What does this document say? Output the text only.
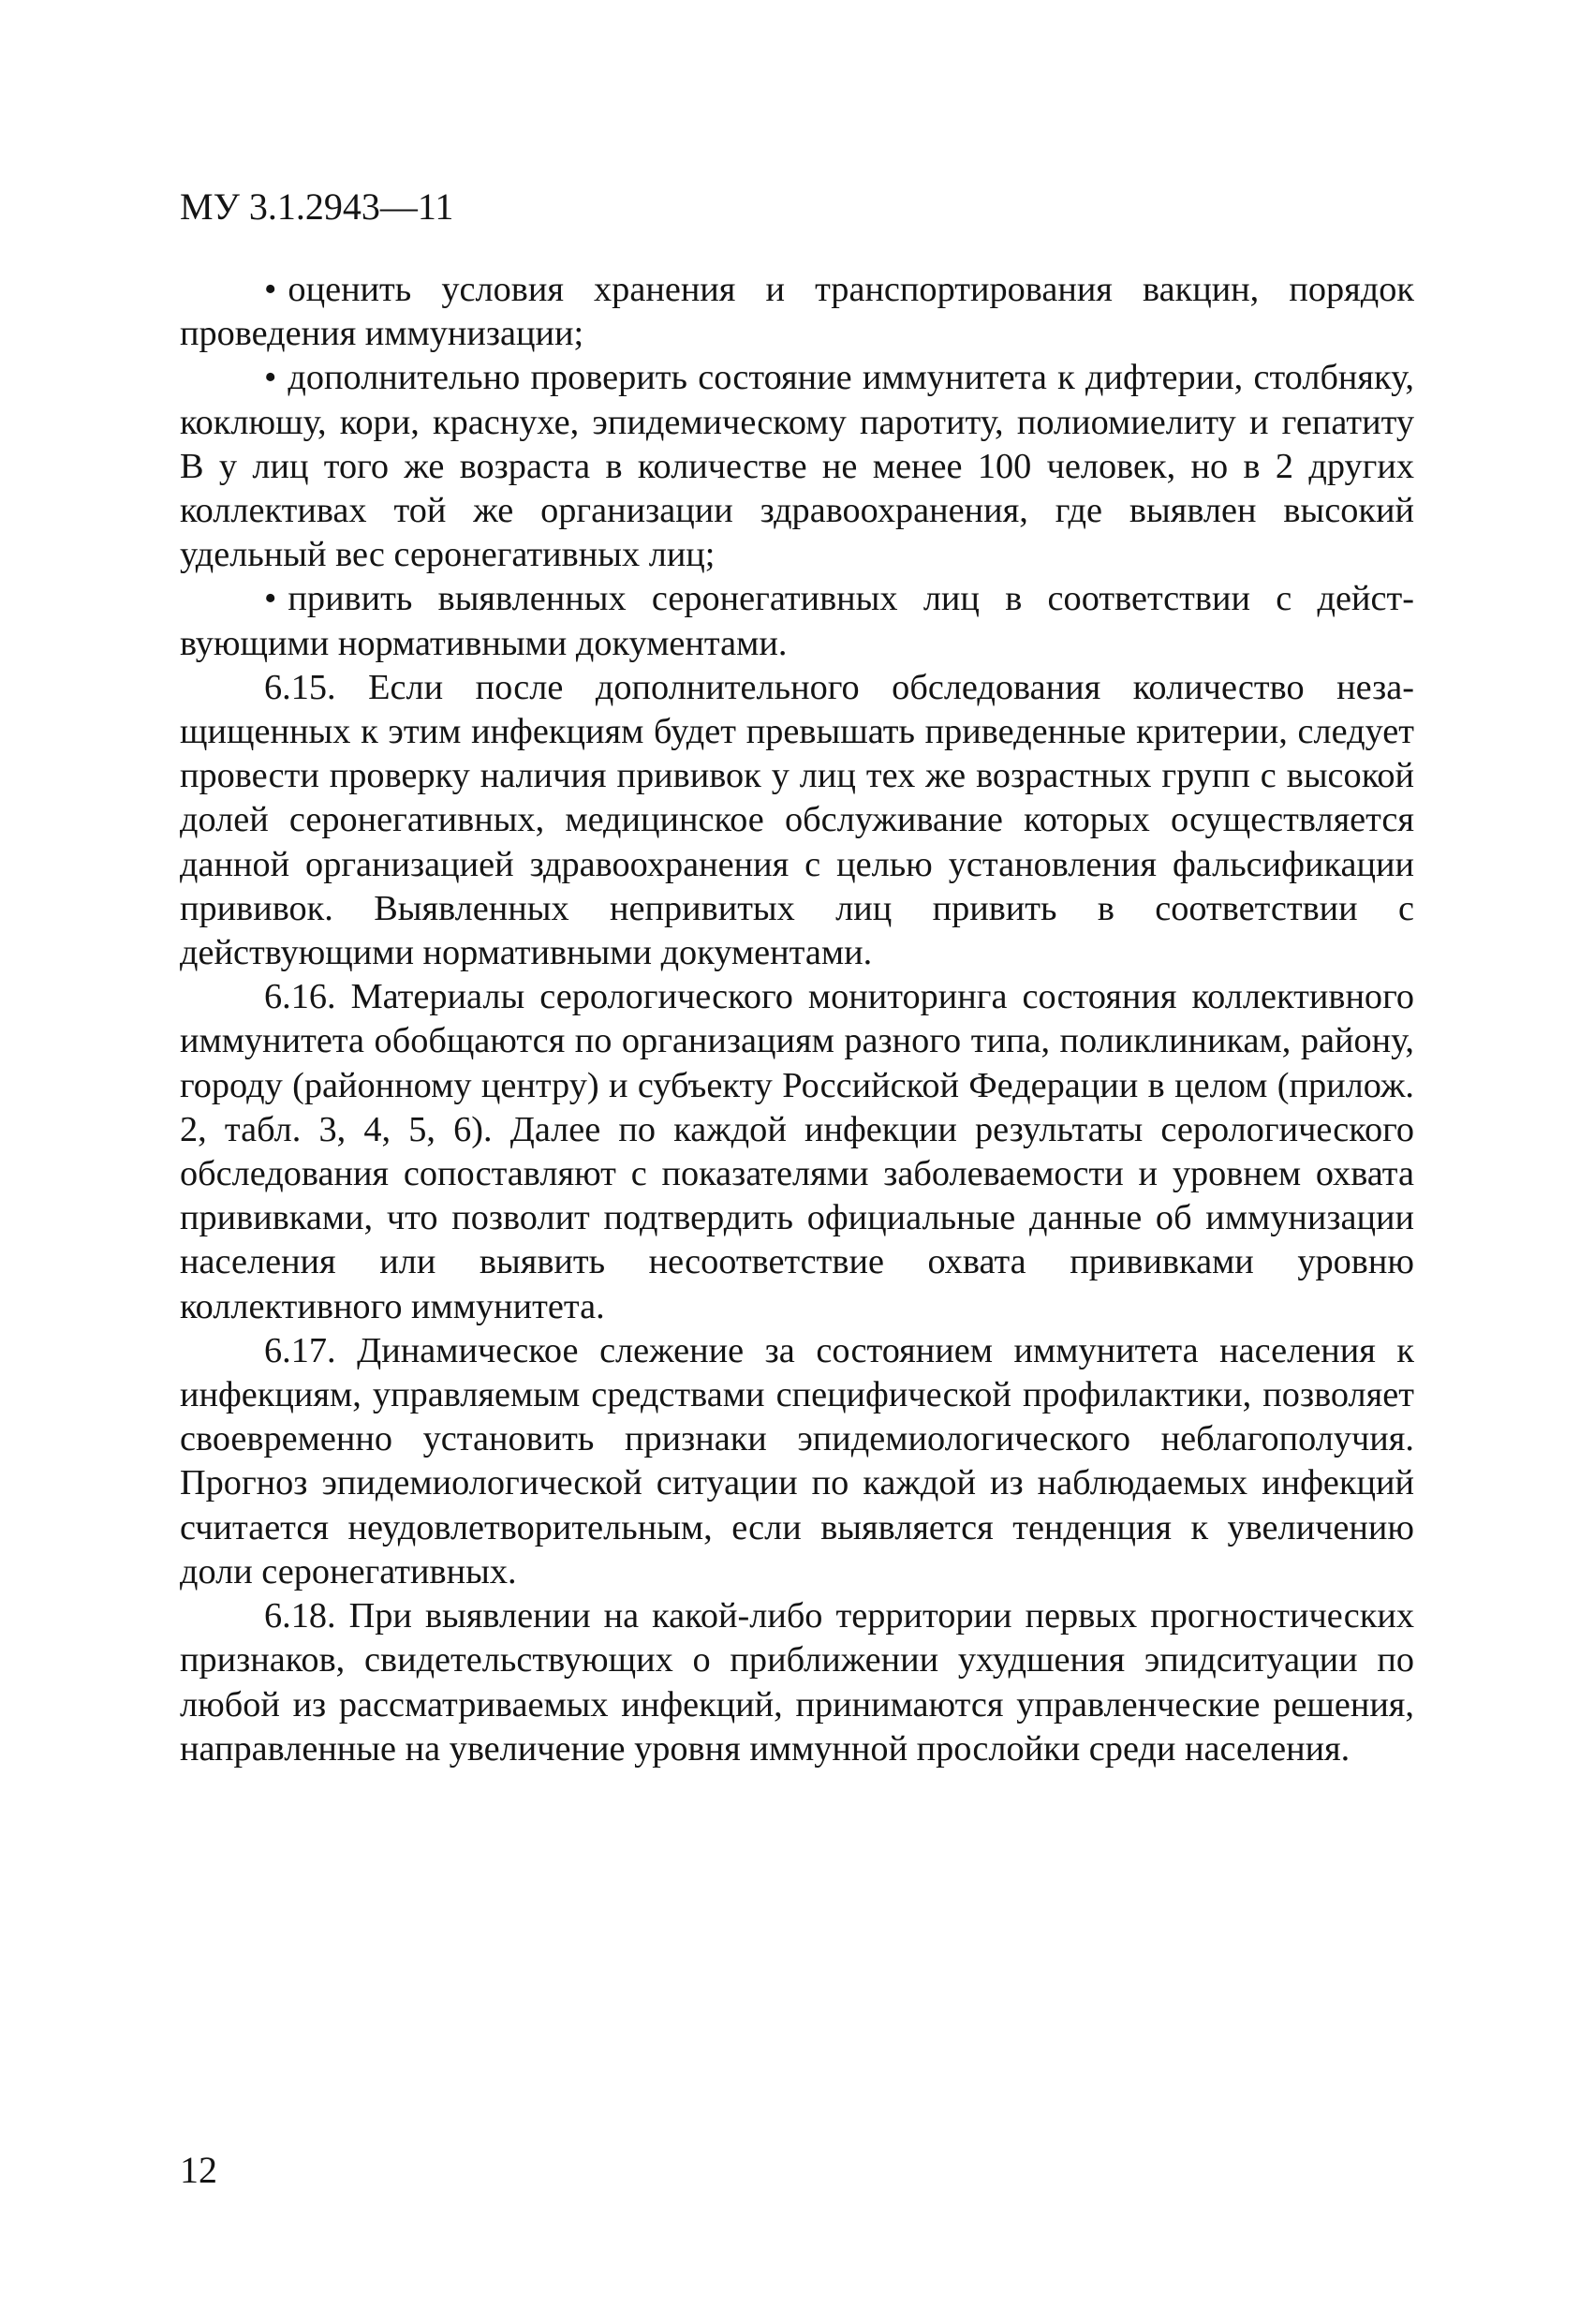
МУ 3.1.2943—11

• оценить условия хранения и транспортирования вакцин, порядок проведения иммунизации;

• дополнительно проверить состояние иммунитета к дифтерии, столбняку, коклюшу, кори, краснухе, эпидемическому паротиту, полиомиелиту и гепатиту В у лиц того же возраста в количестве не менее 100 человек, но в 2 других коллективах той же организации здравоохранения, где выявлен высокий удельный вес серонегативных лиц;

• привить выявленных серонегативных лиц в соответствии с действующими нормативными документами.

6.15. Если после дополнительного обследования количество незащищенных к этим инфекциям будет превышать приведенные критерии, следует провести проверку наличия прививок у лиц тех же возрастных групп с высокой долей серонегативных, медицинское обслуживание которых осуществляется данной организацией здравоохранения с целью установления фальсификации прививок. Выявленных непривитых лиц привить в соответствии с действующими нормативными документами.

6.16. Материалы серологического мониторинга состояния коллективного иммунитета обобщаются по организациям разного типа, поликлиникам, району, городу (районному центру) и субъекту Российской Федерации в целом (прилож. 2, табл. 3, 4, 5, 6). Далее по каждой инфекции результаты серологического обследования сопоставляют с показателями заболеваемости и уровнем охвата прививками, что позволит подтвердить официальные данные об иммунизации населения или выявить несоответствие охвата прививками уровню коллективного иммунитета.

6.17. Динамическое слежение за состоянием иммунитета населения к инфекциям, управляемым средствами специфической профилактики, позволяет своевременно установить признаки эпидемиологического неблагополучия. Прогноз эпидемиологической ситуации по каждой из наблюдаемых инфекций считается неудовлетворительным, если выявляется тенденция к увеличению доли серонегативных.

6.18. При выявлении на какой-либо территории первых прогностических признаков, свидетельствующих о приближении ухудшения эпидситуации по любой из рассматриваемых инфекций, принимаются управленческие решения, направленные на увеличение уровня иммунной прослойки среди населения.

12
